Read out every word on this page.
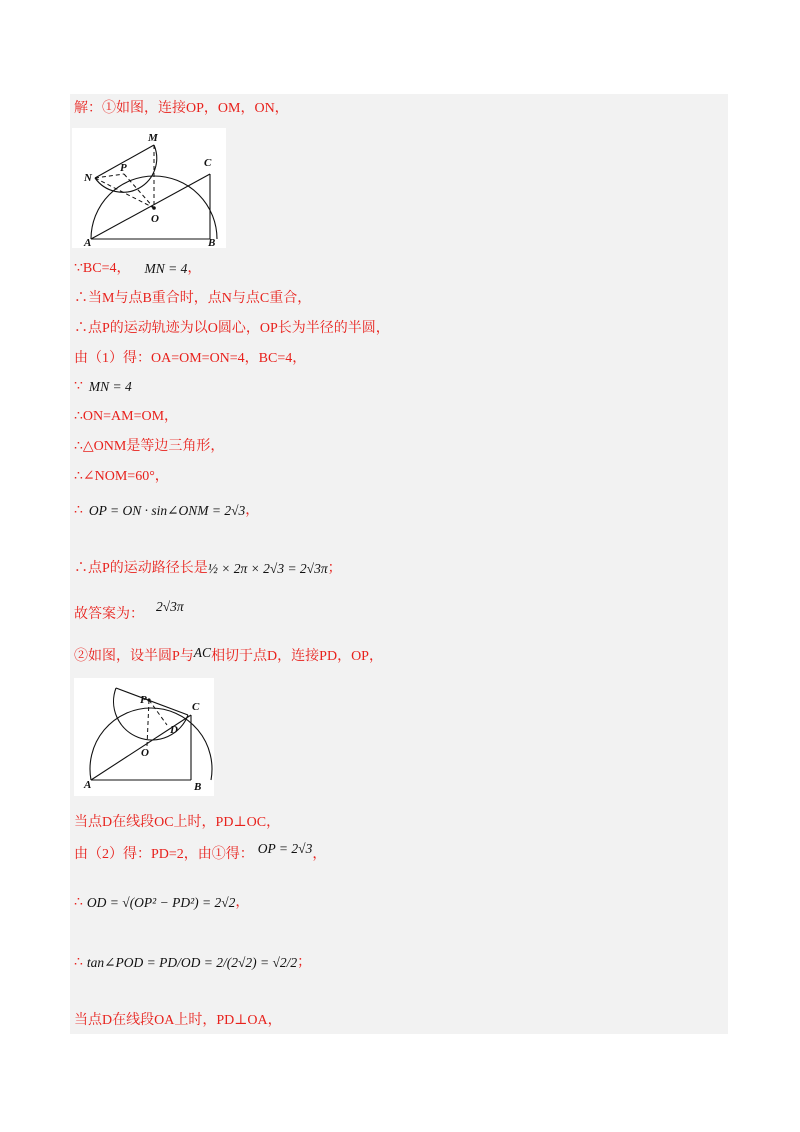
解：①如图，连接OP，OM，ON，
M
N
P	C
O
A	B
∵BC=4， MN = 4，
∴当M与点B重合时，点N与点C重合，
∴点P的运动轨迹为以O圆心，OP长为半径的半圆，
由（1）得：OA=OM=ON=4，BC=4，
∵ MN = 4
∴ON=AM=OM，
∴△ONM是等边三角形，
∴∠NOM=60°，
∴ OP = ON · sin∠ONM = 2√3，
∴点P的运动路径长是½ × 2π × 2√3 = 2√3π；
故答案为：2√3π
②如图，设半圆P与AC相切于点D，连接PD，OP，
P
C
D
O
A	B
当点D在线段OC上时，PD⊥OC，
由（2）得：PD=2，由①得： OP = 2√3，
∴ OD = √(OP² − PD²) = 2√2，
∴ tan∠POD = PD/OD = 2/(2√2) = √2/2；
当点D在线段OA上时，PD⊥OA，
